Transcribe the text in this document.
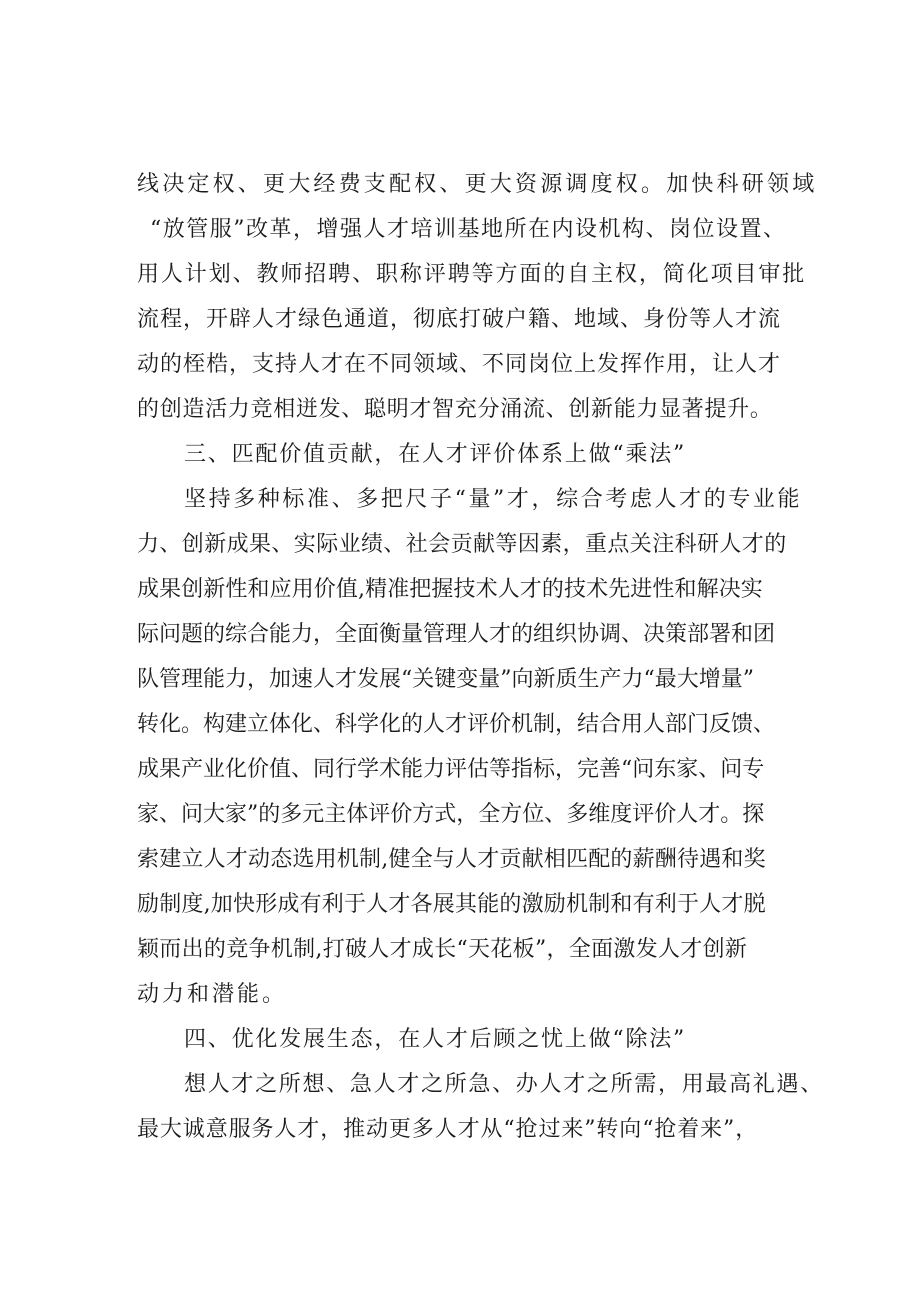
线决定权、更大经费支配权、更大资源调度权。加快科研领域
“放管服”改革，增强人才培训基地所在内设机构、岗位设置、
用人计划、教师招聘、职称评聘等方面的自主权，简化项目审批
流程，开辟人才绿色通道，彻底打破户籍、地域、身份等人才流
动的桎梏，支持人才在不同领域、不同岗位上发挥作用，让人才
的创造活力竞相迸发、聪明才智充分涌流、创新能力显著提升。
三、匹配价值贡献，在人才评价体系上做“乘法”
坚持多种标准、多把尺子“量”才，综合考虑人才的专业能
力、创新成果、实际业绩、社会贡献等因素，重点关注科研人才的
成果创新性和应用价值,精准把握技术人才的技术先进性和解决实
际问题的综合能力，全面衡量管理人才的组织协调、决策部署和团
队管理能力，加速人才发展“关键变量”向新质生产力“最大增量”
转化。构建立体化、科学化的人才评价机制，结合用人部门反馈、
成果产业化价值、同行学术能力评估等指标，完善“问东家、问专
家、问大家”的多元主体评价方式，全方位、多维度评价人才。探
索建立人才动态选用机制,健全与人才贡献相匹配的薪酬待遇和奖
励制度,加快形成有利于人才各展其能的激励机制和有利于人才脱
颖而出的竞争机制,打破人才成长“天花板”，全面激发人才创新
动力和潜能。
四、优化发展生态，在人才后顾之忧上做“除法”
想人才之所想、急人才之所急、办人才之所需，用最高礼遇、
最大诚意服务人才，推动更多人才从“抢过来”转向“抢着来”，
